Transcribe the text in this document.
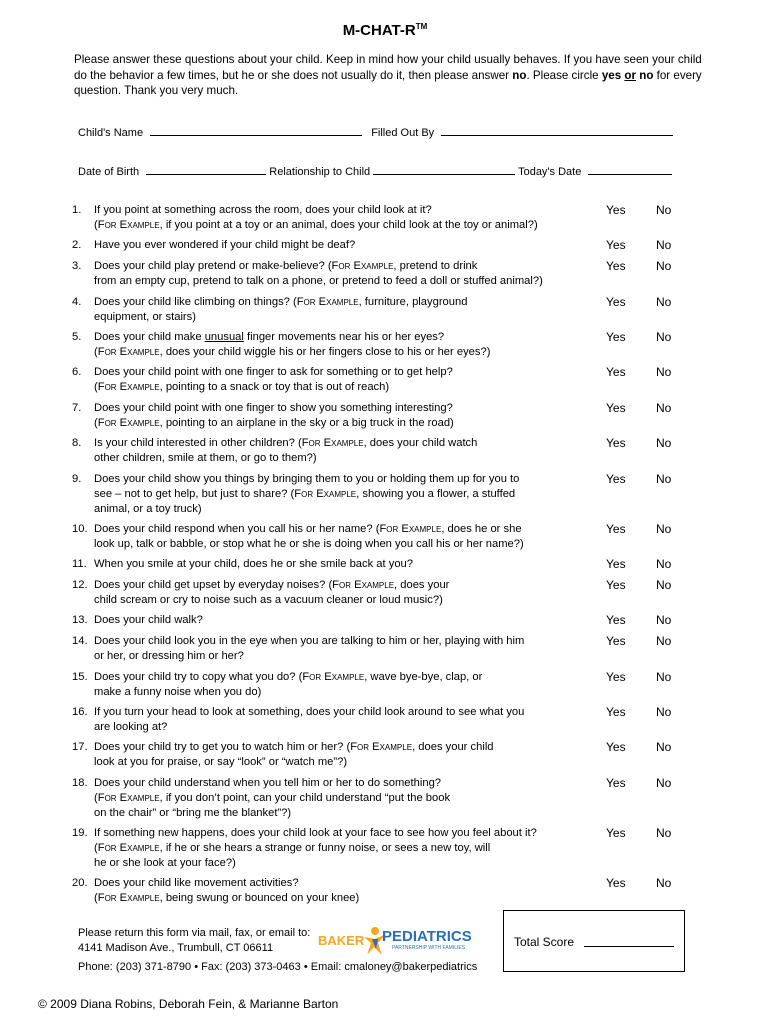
M-CHAT-R™
Please answer these questions about your child. Keep in mind how your child usually behaves. If you have seen your child do the behavior a few times, but he or she does not usually do it, then please answer no. Please circle yes or no for every question. Thank you very much.
Child's Name	Filled Out By
Date of Birth	Relationship to Child	Today's Date
1.	If you point at something across the room, does your child look at it?
(For Example, if you point at a toy or an animal, does your child look at the toy or animal?)
Yes	No
2.	Have you ever wondered if your child might be deaf?	Yes	No
3.	Does your child play pretend or make-believe? (For Example, pretend to drink
from an empty cup, pretend to talk on a phone, or pretend to feed a doll or stuffed animal?)
Yes	No
4.	Does your child like climbing on things? (For Example, furniture, playground
equipment, or stairs)
Yes	No
5.	Does your child make unusual finger movements near his or her eyes?
(For Example, does your child wiggle his or her fingers close to his or her eyes?)
Yes	No
6.	Does your child point with one finger to ask for something or to get help?
(For Example, pointing to a snack or toy that is out of reach)
Yes	No
7.	Does your child point with one finger to show you something interesting?
(For Example, pointing to an airplane in the sky or a big truck in the road)
Yes	No
8.	Is your child interested in other children? (For Example, does your child watch
other children, smile at them, or go to them?)
Yes	No
9.	Does your child show you things by bringing them to you or holding them up for you to
see – not to get help, but just to share? (For Example, showing you a flower, a stuffed
animal, or a toy truck)
Yes	No
10. Does your child respond when you call his or her name? (For Example, does he or she
look up, talk or babble, or stop what he or she is doing when you call his or her name?)
Yes	No
11. When you smile at your child, does he or she smile back at you?	Yes	No
12. Does your child get upset by everyday noises? (For Example, does your
child scream or cry to noise such as a vacuum cleaner or loud music?)
Yes	No
13. Does your child walk?	Yes	No
14. Does your child look you in the eye when you are talking to him or her, playing with him
or her, or dressing him or her?
Yes	No
15. Does your child try to copy what you do? (For Example, wave bye-bye, clap, or
make a funny noise when you do)
Yes	No
16. If you turn your head to look at something, does your child look around to see what you
are looking at?
Yes	No
17. Does your child try to get you to watch him or her? (For Example, does your child
look at you for praise, or say “look” or “watch me”?)
Yes	No
18. Does your child understand when you tell him or her to do something?
(For Example, if you don’t point, can your child understand “put the book
on the chair” or “bring me the blanket”?)
Yes	No
19. If something new happens, does your child look at your face to see how you feel about it?
(For Example, if he or she hears a strange or funny noise, or sees a new toy, will
he or she look at your face?)
Yes	No
20. Does your child like movement activities?
(For Example, being swung or bounced on your knee)
Yes	No
Please return this form via mail, fax, or email to:
4141 Madison Ave., Trumbull, CT 06611
Phone: (203) 371-8790 • Fax: (203) 373-0463 • Email: cmaloney@bakerpediatrics
BAKER PEDIATRICS
PARTNERSHIP WITH FAMILIES	Total Score
© 2009 Diana Robins, Deborah Fein, & Marianne Barton
